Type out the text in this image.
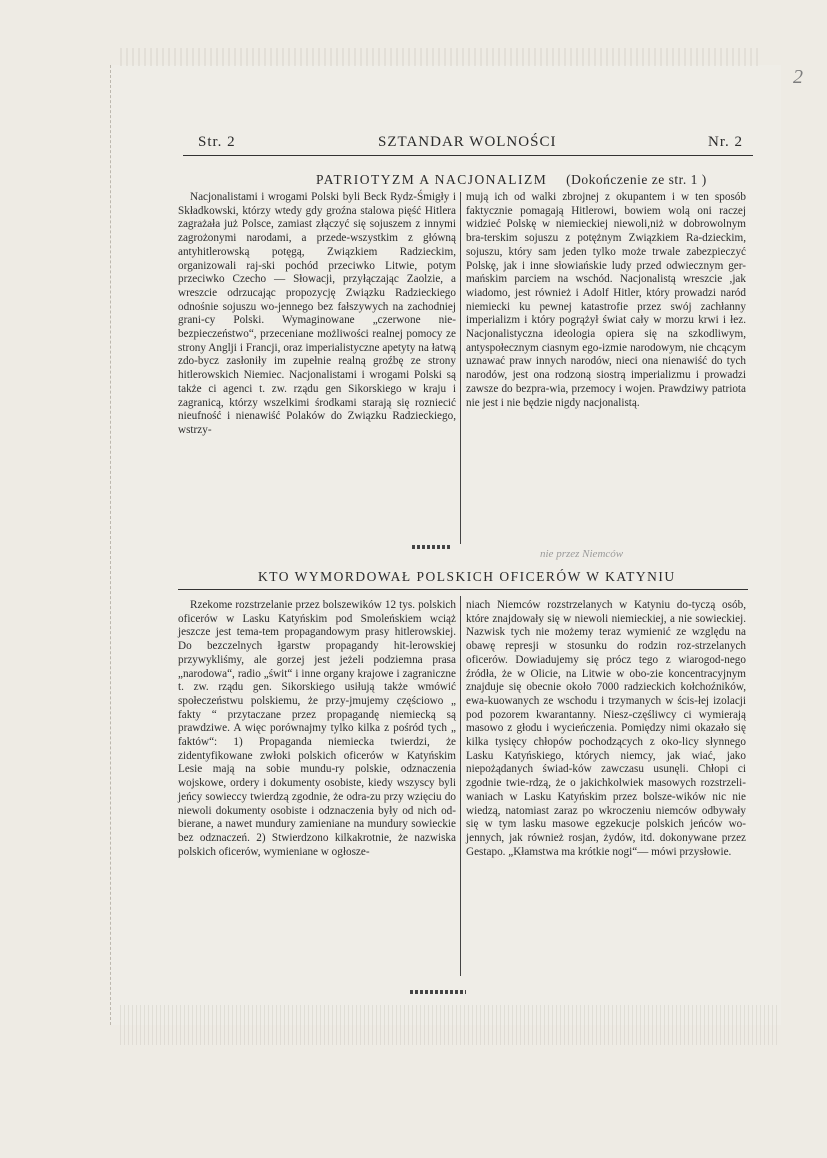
2
Str. 2	SZTANDAR WOLNOŚCI	Nr. 2
PATRIOTYZM A NACJONALIZM (Dokończenie ze str. 1 )

Nacjonalistami i wrogami Polski byli Beck Rydz-Śmigły i Składkowski, którzy wtedy gdy groźna stalowa pięść Hitlera zagrażała już Polsce, zamiast złączyć się sojuszem z innymi zagrożonymi narodami, a przede-wszystkim z główną antyhitlerowską potęgą, Związkiem Radzieckim, organizowali raj-ski pochód przeciwko Litwie, potym przeciwko Czecho — Słowacji, przyłączając Zaolzie, a wreszcie odrzucając propozycję Związku Radzieckiego odnośnie sojuszu wo-jennego bez fałszywych na zachodniej grani-cy Polski. Wymaginowane „czerwone nie-bezpieczeństwo“, przeceniane możliwości realnej pomocy ze strony Anglji i Francji, oraz imperialistyczne apetyty na łatwą zdo-bycz zasłoniły im zupełnie realną groźbę ze strony hitlerowskich Niemiec. Nacjonalistami i wrogami Polski są także ci agenci t. zw. rządu gen Sikorskiego w kraju i zagranicą, którzy wszelkimi środkami starają się rozniecić nieufność i nienawiść Polaków do Związku Radzieckiego, wstrzy-

mują ich od walki zbrojnej z okupantem i w ten sposób faktycznie pomagają Hitlerowi, bowiem wolą oni raczej widzieć Polskę w niemieckiej niewoli,niż w dobrowolnym bra-terskim sojuszu z potężnym Związkiem Ra-dzieckim, sojuszu, który sam jeden tylko może trwale zabezpieczyć Polskę, jak i inne słowiańskie ludy przed odwiecznym ger-mańskim parciem na wschód. Nacjonalistą wreszcie ,jak wiadomo, jest również i Adolf Hitler, który prowadzi naród niemiecki ku pewnej katastrofie przez swój zachłanny imperializm i który pogrążył świat cały w morzu krwi i łez. Nacjonalistyczna ideologia opiera się na szkodliwym, antyspołecznym ciasnym ego-izmie narodowym, nie chcącym uznawać praw innych narodów, nieci ona nienawiść do tych narodów, jest ona rodzoną siostrą imperializmu i prowadzi zawsze do bezpra-wia, przemocy i wojen. Prawdziwy patriota nie jest i nie będzie nigdy nacjonalistą.

nie przez Niemców
KTO WYMORDOWAŁ POLSKICH OFICERÓW W KATYNIU

Rzekome rozstrzelanie przez bolszewików 12 tys. polskich oficerów w Lasku Katyńskim pod Smoleńskiem wciąż jeszcze jest tema-tem propagandowym prasy hitlerowskiej. Do bezczelnych łgarstw propagandy hit-lerowskiej przywykliśmy, ale gorzej jest jeżeli podziemna prasa „narodowa“, radio „świt“ i inne organy krajowe i zagraniczne t. zw. rządu gen. Sikorskiego usiłują także wmówić społeczeństwu polskiemu, że przy-jmujemy częściowo „ fakty “ przytaczane przez propagandę niemiecką są prawdziwe. A więc porównajmy tylko kilka z pośród tych „ faktów“: 1) Propaganda niemiecka twierdzi, że zidentyfikowane zwłoki polskich oficerów w Katyńskim Lesie mają na sobie mundu-ry polskie, odznaczenia wojskowe, ordery i dokumenty osobiste, kiedy wszyscy byli jeńcy sowieccy twierdzą zgodnie, że odra-zu przy wzięciu do niewoli dokumenty osobiste i odznaczenia były od nich od-bierane, a nawet mundury zamieniane na mundury sowieckie bez odznaczeń. 2) Stwierdzono kilkakrotnie, że nazwiska polskich oficerów, wymieniane w ogłosze-

niach Niemców rozstrzelanych w Katyniu do-tyczą osób, które znajdowały się w niewoli niemieckiej, a nie sowieckiej. Nazwisk tych nie możemy teraz wymienić ze względu na obawę represji w stosunku do rodzin roz-strzelanych oficerów. Dowiadujemy się prócz tego z wiarogod-nego źródła, że w Olicie, na Litwie w obo-zie koncentracyjnym znajduje się obecnie około 7000 radzieckich kołchoźników, ewa-kuowanych ze wschodu i trzymanych w ścis-łej izolacji pod pozorem kwarantanny. Niesz-częśliwcy ci wymierają masowo z głodu i wycieńczenia. Pomiędzy nimi okazało się kilka tysięcy chłopów pochodzących z oko-licy słynnego Lasku Katyńskiego, których niemcy, jak wiać, jako niepożądanych świad-ków zawczasu usunęli. Chłopi ci zgodnie twie-rdzą, że o jakichkolwiek masowych rozstrzeli-waniach w Lasku Katyńskim przez bolsze-wików nic nie wiedzą, natomiast zaraz po wkroczeniu niemców odbywały się w tym lasku masowe egzekucje polskich jeńców wo-jennych, jak również rosjan, żydów, itd. dokonywane przez Gestapo. „Kłamstwa ma krótkie nogi“— mówi przysłowie.
